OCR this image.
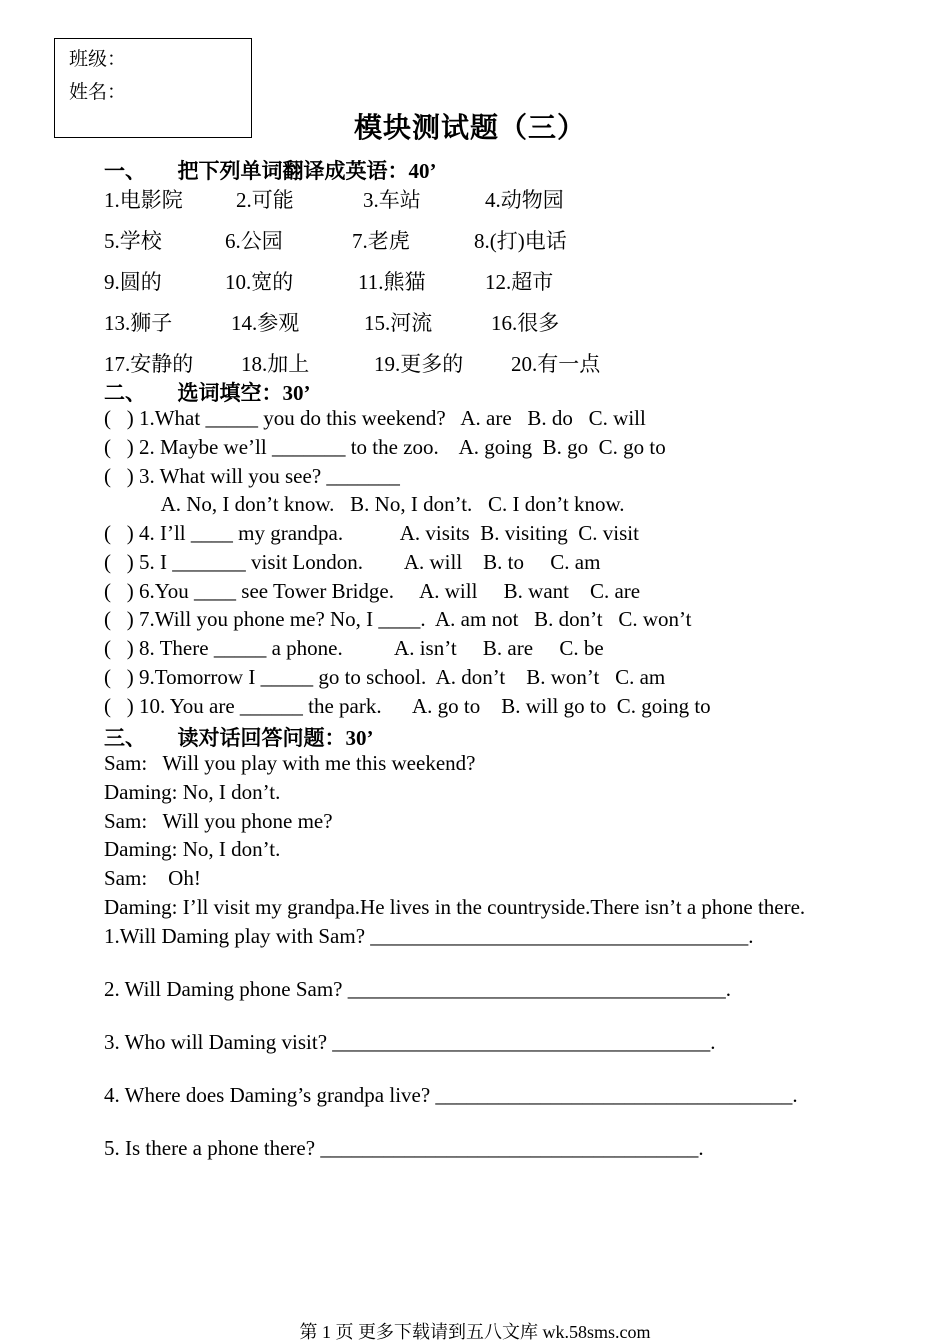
班级：
姓名：
模块测试题（三）
一、      把下列单词翻译成英语：40’
1.电影院	2.可能	3.车站	4.动物园
5.学校	6.公园	7.老虎	8.(打)电话
9.圆的	10.宽的	11.熊猫	12.超市
13.狮子	14.参观	15.河流	16.很多
17.安静的 18.加上	19.更多的 20.有一点
二、      选词填空：30’
(   ) 1.What _____ you do this weekend?   A. are   B. do   C. will
(   ) 2. Maybe we’ll _______ to the zoo.    A. going  B. go  C. go to
(   ) 3. What will you see? _______
A. No, I don’t know.   B. No, I don’t.   C. I don’t know.
(   ) 4. I’ll ____ my grandpa.           A. visits  B. visiting  C. visit
(   ) 5. I _______ visit London.        A. will    B. to     C. am
(   ) 6.You ____ see Tower Bridge.     A. will     B. want    C. are
(   ) 7.Will you phone me? No, I ____.  A. am not   B. don’t   C. won’t
(   ) 8. There _____ a phone.          A. isn’t     B. are     C. be
(   ) 9.Tomorrow I _____ go to school.  A. don’t    B. won’t   C. am
(   ) 10. You are ______ the park.      A. go to    B. will go to  C. going to
三、      读对话回答问题：30’
Sam:   Will you play with me this weekend?
Daming: No, I don’t.
Sam:   Will you phone me?
Daming: No, I don’t.
Sam:    Oh!
Daming: I’ll visit my grandpa.He lives in the countryside.There isn’t a phone there.
1.Will Daming play with Sam? ____________________________________.
2. Will Daming phone Sam? ____________________________________.
3. Who will Daming visit? ____________________________________.
4. Where does Daming’s grandpa live? __________________________________.
5. Is there a phone there? ____________________________________.
第 1 页 更多下载请到五八文库 wk.58sms.com
